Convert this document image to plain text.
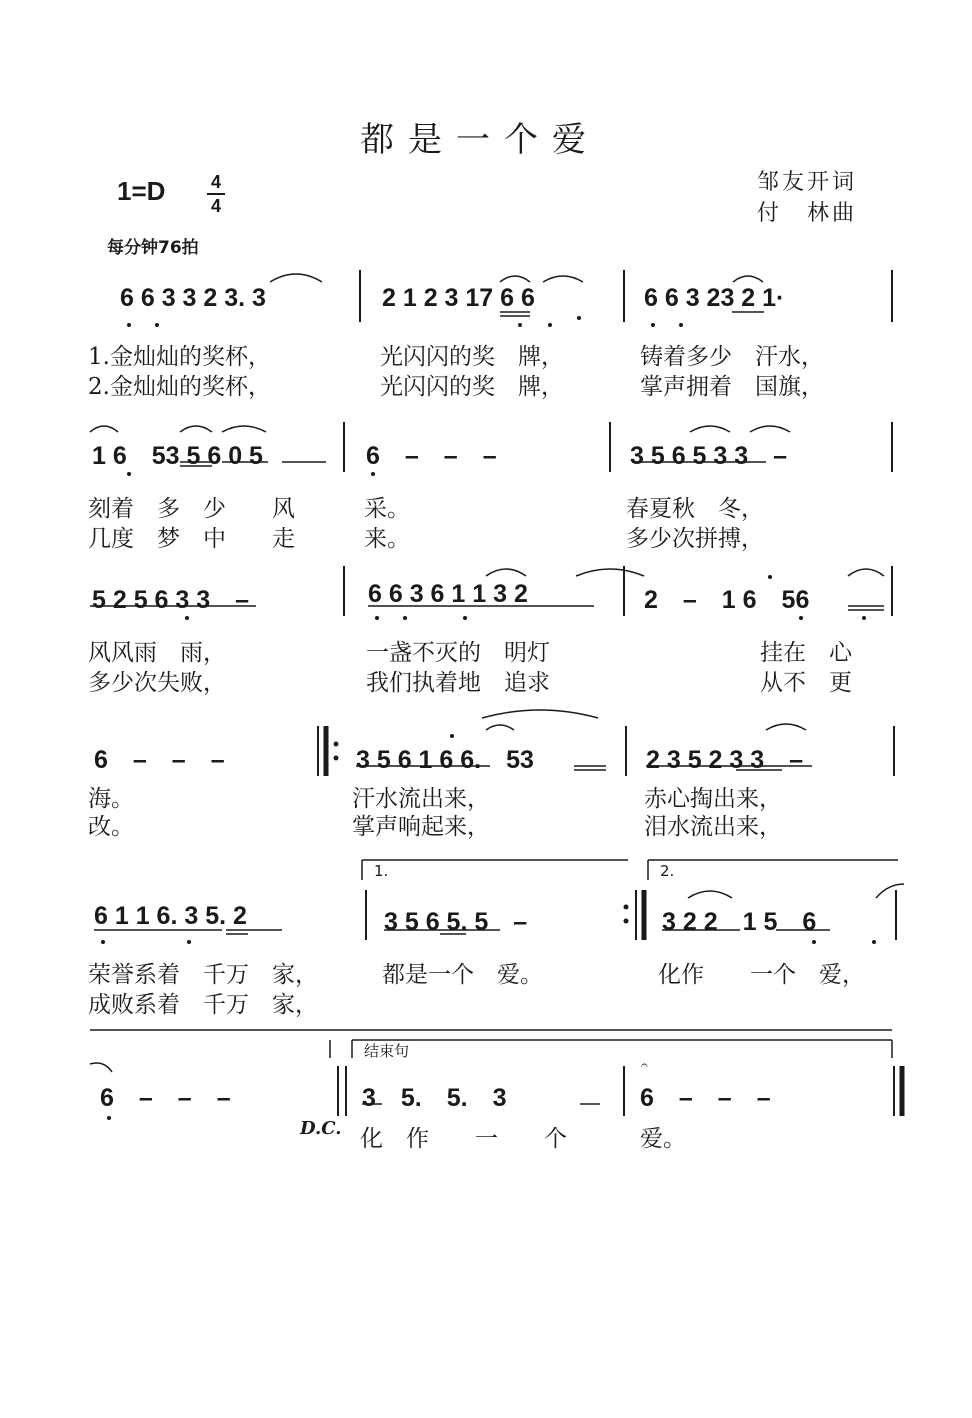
都是一个爱
1=D	4
4
邹友开词
付　林曲
每分钟76拍
6 6 3 3 2 3. 3	2 1 2 3 17 6 6	6 6 3 23 2 1·
1.金灿灿的奖杯，	光闪闪的奖　牌，	铸着多少　汗水，
2.金灿灿的奖杯，	光闪闪的奖　牌，	掌声拥着　国旗，
1 6　53 5 6 0 5	6　–　–　–	3 5 6 5 3 3　–
刻着　多　少　　风	采。	春夏秋　冬，
几度　梦　中　　走	来。	多少次拼搏，
5 2 5 6 3 3　–	6 6 3 6 1 1 3 2	2　–　1 6　56
风风雨　雨，	一盏不灭的　明灯	挂在　心
多少次失败，	我们执着地　追求	从不　更
6　–　–　–	3 5 6 1 6 6.　53	2 3 5 2 3 3　–
海。	汗水流出来，	赤心掏出来，
改。	掌声响起来，	泪水流出来，
1.	2.
6 1 1 6. 3 5. 2	3 5 6 5. 5　–	3 2 2　1 5　6
荣誉系着　千万　家，	都是一个　爱。	化作　　一个　爱，
成败系着　千万　家，
结束句
6　–　–　–	3　5.　5.　3	6　–　–　–
𝄐
D.C. 化　作　　一　　个	爱。
